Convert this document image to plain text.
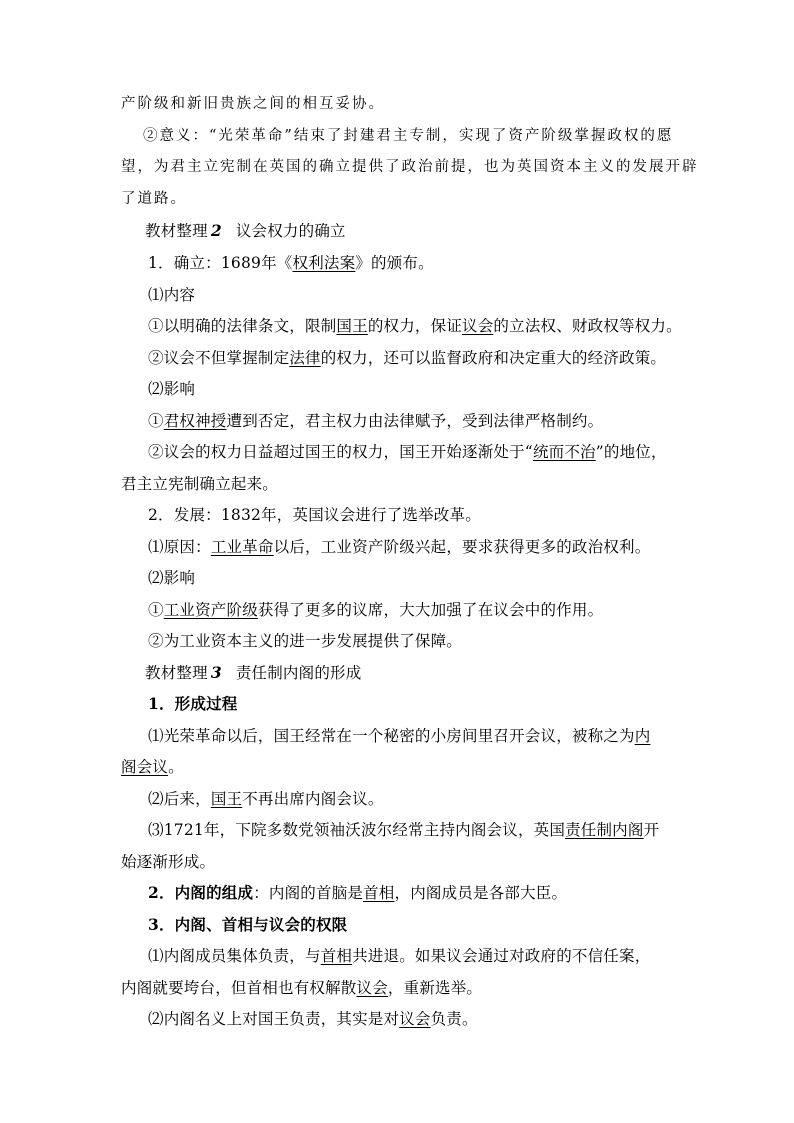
产阶级和新旧贵族之间的相互妥协。
②意义：“光荣革命”结束了封建君主专制，实现了资产阶级掌握政权的愿
望，为君主立宪制在英国的确立提供了政治前提，也为英国资本主义的发展开辟
了道路。
教材整理 2 议会权力的确立
1．确立：1689年《权利法案》的颁布。
⑴内容
①以明确的法律条文，限制国王的权力，保证议会的立法权、财政权等权力。
②议会不但掌握制定法律的权力，还可以监督政府和决定重大的经济政策。
⑵影响
①君权神授遭到否定，君主权力由法律赋予，受到法律严格制约。
②议会的权力日益超过国王的权力，国王开始逐渐处于“统而不治”的地位，
君主立宪制确立起来。
2．发展：1832年，英国议会进行了选举改革。
⑴原因：工业革命以后，工业资产阶级兴起，要求获得更多的政治权利。
⑵影响
①工业资产阶级获得了更多的议席，大大加强了在议会中的作用。
②为工业资本主义的进一步发展提供了保障。
教材整理 3 责任制内阁的形成
1．形成过程
⑴光荣革命以后，国王经常在一个秘密的小房间里召开会议，被称之为内
阁会议。
⑵后来，国王不再出席内阁会议。
⑶1721年，下院多数党领袖沃波尔经常主持内阁会议，英国责任制内阁开
始逐渐形成。
2．内阁的组成：内阁的首脑是首相，内阁成员是各部大臣。
3．内阁、首相与议会的权限
⑴内阁成员集体负责，与首相共进退。如果议会通过对政府的不信任案，
内阁就要垮台，但首相也有权解散议会，重新选举。
⑵内阁名义上对国王负责，其实是对议会负责。
